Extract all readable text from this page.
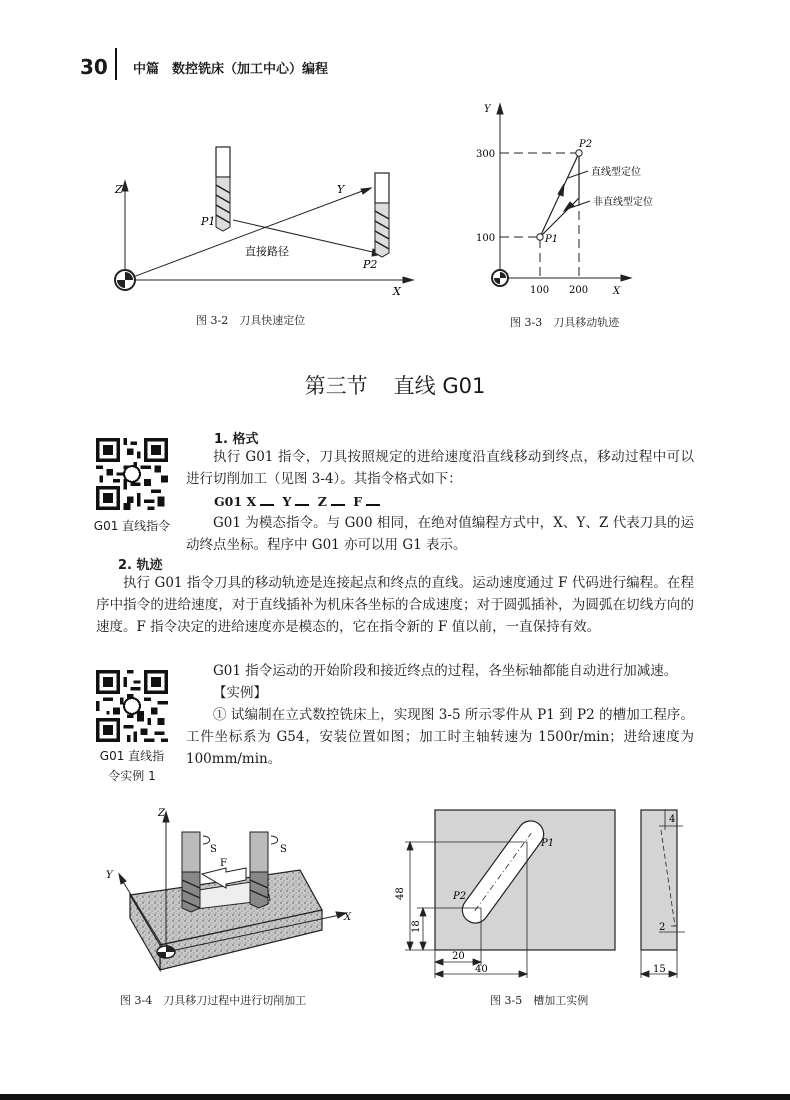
30 中篇　数控铣床（加工中心）编程
Z	Y
X
P1
P2
直接路径
图 3-2　刀具快速定位
Y
X
300
100
100 200
P1
P2
直线型定位
非直线型定位
图 3-3　刀具移动轨迹
第三节 直线 G01
G01 直线指令
1. 格式

执行 G01 指令，刀具按照规定的进给速度沿直线移动到终点，移动过程中可以进行切削加工（见图 3-4）。其指令格式如下：

G01 X Y Z F

G01 为模态指令。与 G00 相同，在绝对值编程方式中，X、Y、Z 代表刀具的运动终点坐标。程序中 G01 亦可以用 G1 表示。

2. 轨迹

执行 G01 指令刀具的移动轨迹是连接起点和终点的直线。运动速度通过 F 代码进行编程。在程序中指令的进给速度，对于直线插补为机床各坐标的合成速度；对于圆弧插补，为圆弧在切线方向的速度。F 指令决定的进给速度亦是模态的，它在指令新的 F 值以前，一直保持有效。

G01 直线指
令实例 1

G01 指令运动的开始阶段和接近终点的过程，各坐标轴都能自动进行加减速。

【实例】

① 试编制在立式数控铣床上，实现图 3-5 所示零件从 P1 到 P2 的槽加工程序。工件坐标系为 G54，安装位置如图；加工时主轴转速为 1500r/min；进给速度为 100mm/min。

Z
Y
X
S	S
F
图 3-4　刀具移刀过程中进行切削加工
P1
P2
48
18
20
40
4
2
15
图 3-5　槽加工实例
